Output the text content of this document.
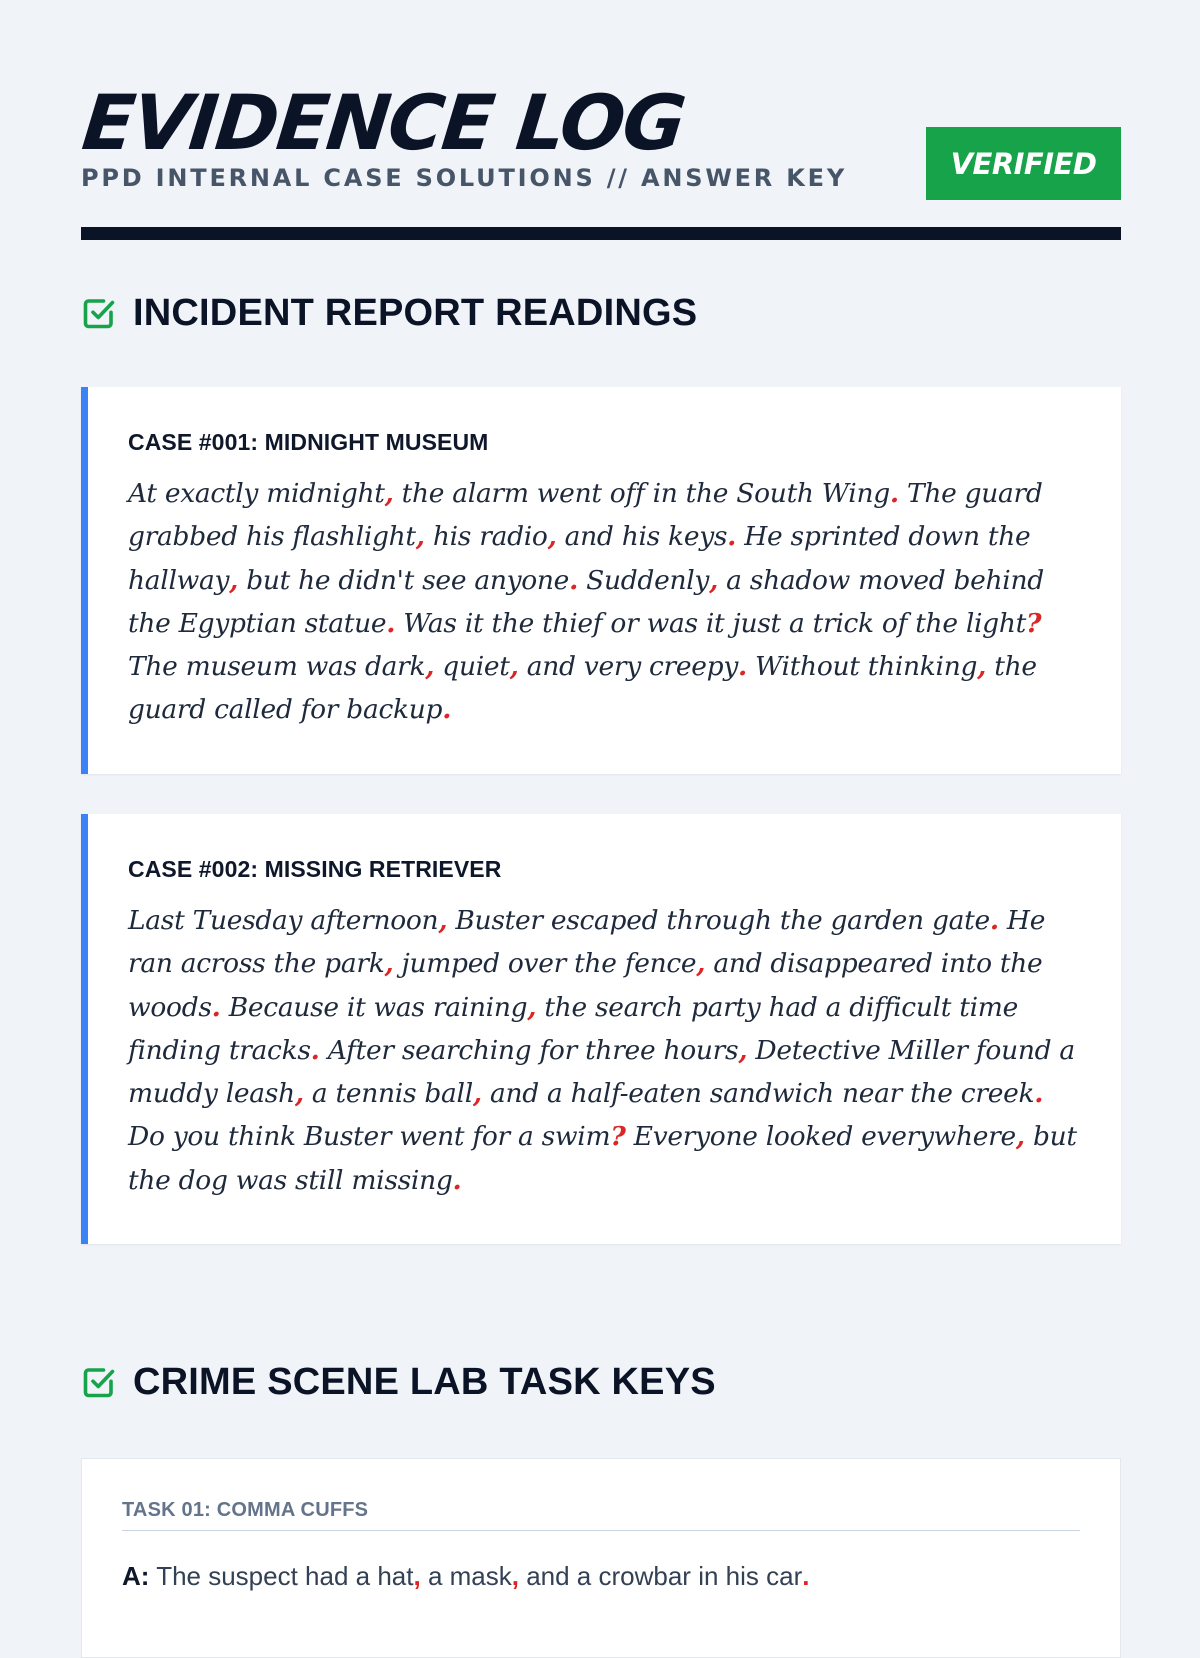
EVIDENCE LOG
PPD INTERNAL CASE SOLUTIONS // ANSWER KEY	VERIFIED
INCIDENT REPORT READINGS
CASE #001: MIDNIGHT MUSEUM

At exactly midnight, the alarm went off in the South Wing. The guard grabbed his flashlight, his radio, and his keys. He sprinted down the hallway, but he didn't see anyone. Suddenly, a shadow moved behind the Egyptian statue. Was it the thief or was it just a trick of the light? The museum was dark, quiet, and very creepy. Without thinking, the guard called for backup.

CASE #002: MISSING RETRIEVER

Last Tuesday afternoon, Buster escaped through the garden gate. He ran across the park, jumped over the fence, and disappeared into the woods. Because it was raining, the search party had a difficult time finding tracks. After searching for three hours, Detective Miller found a muddy leash, a tennis ball, and a half-eaten sandwich near the creek. Do you think Buster went for a swim? Everyone looked everywhere, but the dog was still missing.

CRIME SCENE LAB TASK KEYS
TASK 01: COMMA CUFFS
A: The suspect had a hat, a mask, and a crowbar in his car.
